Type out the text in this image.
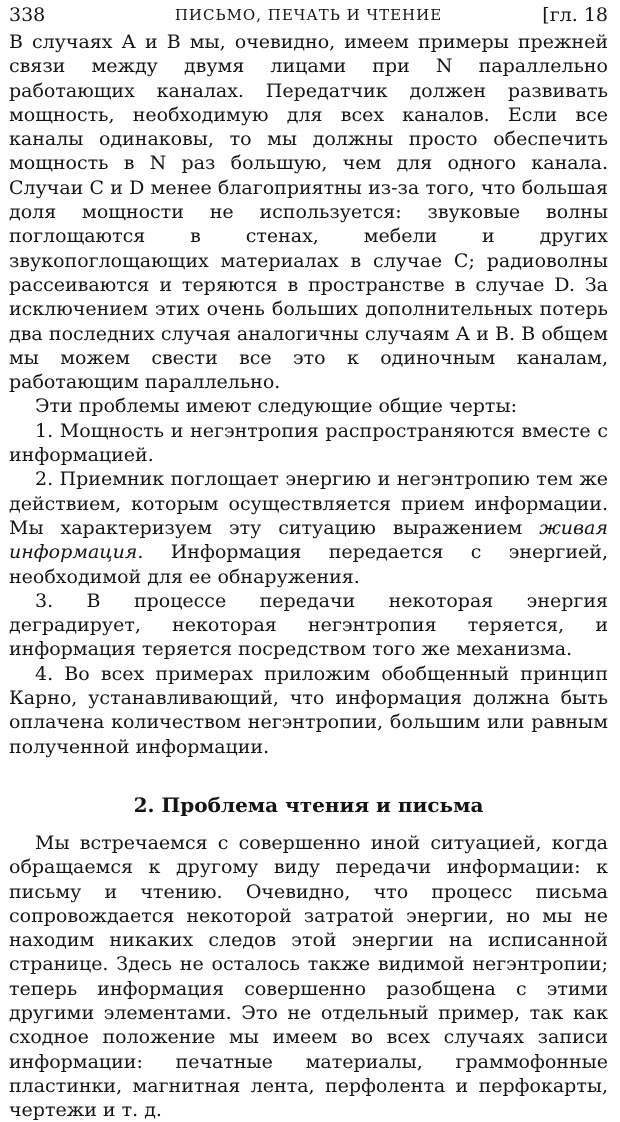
338	ПИСЬМО, ПЕЧАТЬ И ЧТЕНИЕ	[гл. 18

В случаях А и В мы, очевидно, имеем примеры прежней связи между двумя лицами при N параллельно работающих каналах. Передатчик должен развивать мощность, необходимую для всех каналов. Если все каналы одинаковы, то мы должны просто обеспечить мощность в N раз большую, чем для одного канала. Случаи C и D менее благоприятны из-за того, что большая доля мощности не используется: звуковые волны поглощаются в стенах, мебели и других звукопоглощающих материалах в случае C; радиоволны рассеиваются и теряются в пространстве в случае D. За исключением этих очень больших дополнительных потерь два последних случая аналогичны случаям А и В. В общем мы можем свести все это к одиночным каналам, работающим параллельно.

Эти проблемы имеют следующие общие черты:

1. Мощность и негэнтропия распространяются вместе с информацией.

2. Приемник поглощает энергию и негэнтропию тем же действием, которым осуществляется прием информации. Мы характеризуем эту ситуацию выражением живая информация. Информация передается с энергией, необходимой для ее обнаружения.

3. В процессе передачи некоторая энергия деградирует, некоторая негэнтропия теряется, и информация теряется посредством того же механизма.

4. Во всех примерах приложим обобщенный принцип Карно, устанавливающий, что информация должна быть оплачена количеством негэнтропии, большим или равным полученной информации.

2. Проблема чтения и письма

Мы встречаемся с совершенно иной ситуацией, когда обращаемся к другому виду передачи информации: к письму и чтению. Очевидно, что процесс письма сопровождается некоторой затратой энергии, но мы не находим никаких следов этой энергии на исписанной странице. Здесь не осталось также видимой негэнтропии; теперь информация совершенно разобщена с этими другими элементами. Это не отдельный пример, так как сходное положение мы имеем во всех случаях записи информации: печатные материалы, граммофонные пластинки, магнитная лента, перфолента и перфокарты, чертежи и т. д.
